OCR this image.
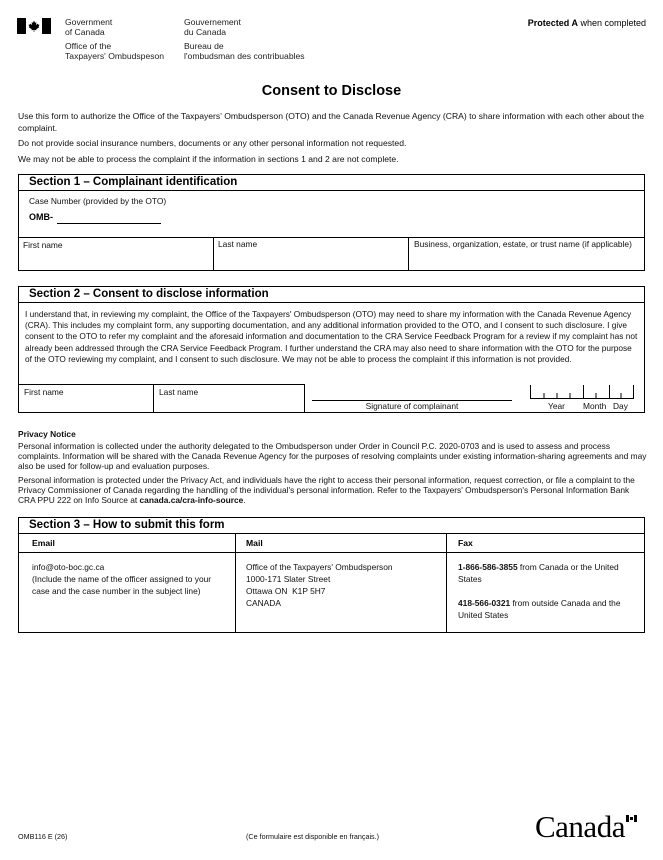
Government
of Canada
Gouvernement
du Canada
Office of the
Taxpayers' Ombudspeson
Bureau de
l'ombudsman des contribuables
Protected A when completed
Consent to Disclose
Use this form to authorize the Office of the Taxpayers' Ombudsperson (OTO) and the Canada Revenue Agency (CRA) to share information with each other about the complaint.
Do not provide social insurance numbers, documents or any other personal information not requested.
We may not be able to process the complaint if the information in sections 1 and 2 are not complete.
Section 1 – Complainant identification
Case Number (provided by the OTO)
OMB-
First name	Last name	Business, organization, estate, or trust name (if applicable)
Section 2 – Consent to disclose information
I understand that, in reviewing my complaint, the Office of the Taxpayers' Ombudsperson (OTO) may need to share my information with the Canada Revenue Agency (CRA). This includes my complaint form, any supporting documentation, and any additional information provided to the OTO, and I consent to such disclosure. I give consent to the OTO to refer my complaint and the aforesaid information and documentation to the CRA Service Feedback Program for a review if my complaint has not already been addressed through the CRA Service Feedback Program. I further understand the CRA may also need to share information with the OTO for the purpose of the OTO reviewing my complaint, and I consent to such disclosure. We may not be able to process the complaint if this information is not provided.
First name	Last name
Signature of complainant	Year Month Day
Privacy Notice
Personal information is collected under the authority delegated to the Ombudsperson under Order in Council P.C. 2020-0703 and is used to assess and process complaints. Information will be shared with the Canada Revenue Agency for the purposes of resolving complaints under existing information-sharing agreements and may also be used for follow-up and evaluation purposes.
Personal information is protected under the Privacy Act, and individuals have the right to access their personal information, request correction, or file a complaint to the Privacy Commissioner of Canada regarding the handling of the individual's personal information. Refer to the Taxpayers' Ombudsperson's Personal Information Bank CRA PPU 222 on Info Source at canada.ca/cra-info-source.
Section 3 – How to submit this form
Email	Mail	Fax
info@oto-boc.gc.ca
(Include the name of the officer assigned to your case and the case number in the subject line)
Office of the Taxpayers' Ombudsperson
1000-171 Slater Street
Ottawa ON  K1P 5H7
CANADA
1-866-586-3855 from Canada or the United States
418-566-0321 from outside Canada and the United States
OMB116 E (26)	(Ce formulaire est disponible en français.)	Canada
